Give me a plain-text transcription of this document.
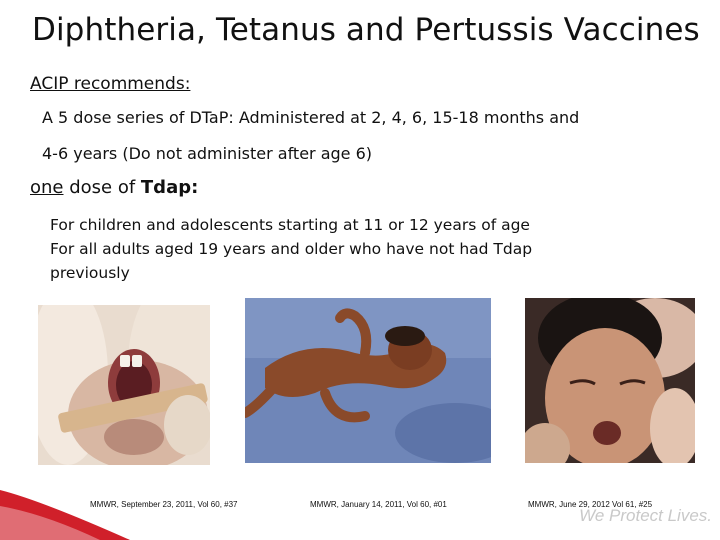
Diphtheria, Tetanus and Pertussis Vaccines
ACIP recommends:
A 5 dose series of DTaP: Administered at 2, 4, 6, 15-18 months and
4-6 years (Do not administer after age 6)
one dose of Tdap:
For children and adolescents starting at 11 or 12 years of age
For all adults aged 19 years and older who have not had Tdap
previously
MMWR, September 23, 2011, Vol 60, #37	MMWR, January 14, 2011, Vol 60, #01	MMWR, June 29, 2012 Vol 61, #25
We Protect Lives.
